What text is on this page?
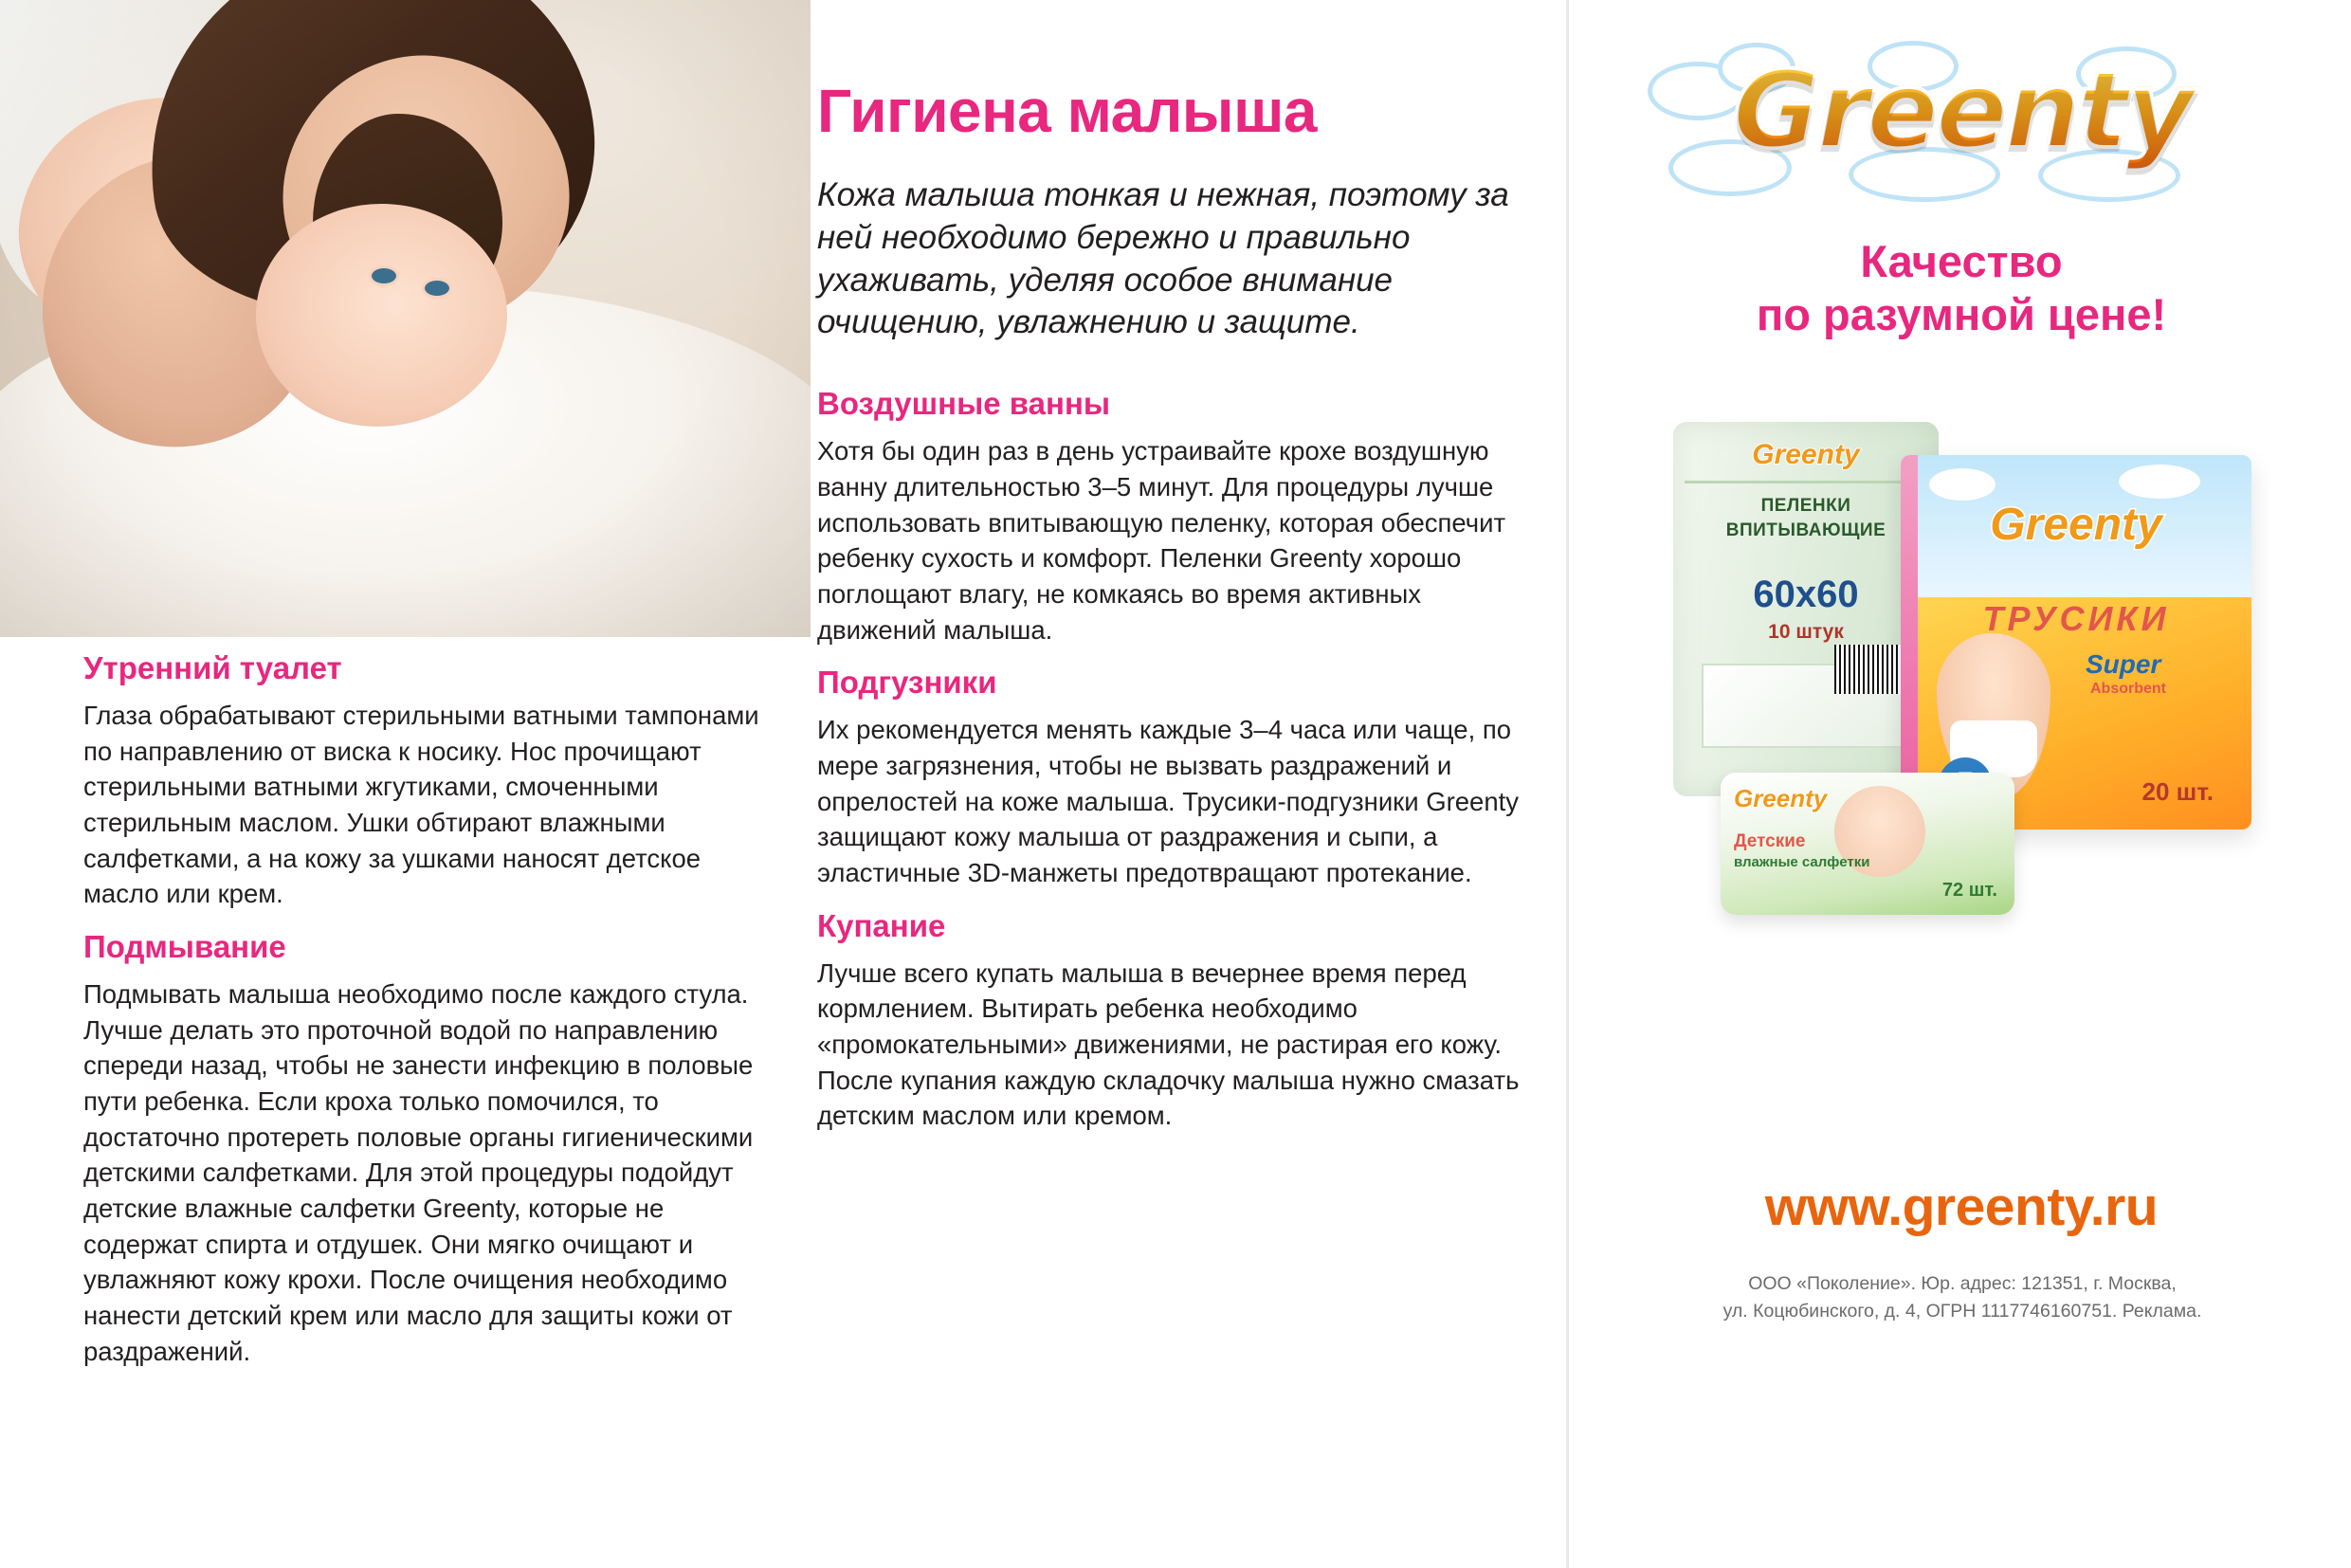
Утренний туалет

Глаза обрабатывают стерильными ватными тампонами по направлению от виска к носику. Нос прочищают стерильными ватными жгутиками, смоченными стерильным маслом. Ушки обтирают влажными салфетками, а на кожу за ушками наносят детское масло или крем.

Подмывание

Подмывать малыша необходимо после каждого стула. Лучше делать это проточной водой по направлению спереди назад, чтобы не занести инфекцию в половые пути ребенка. Если кроха только помочился, то достаточно протереть половые органы гигиеническими детскими салфетками. Для этой процедуры подойдут детские влажные салфетки Greenty, которые не содержат спирта и отдушек. Они мягко очищают и увлажняют кожу крохи. После очищения необходимо нанести детский крем или масло для защиты кожи от раздражений.

Гигиена малыша

Кожа малыша тонкая и нежная, поэтому за ней необходимо бережно и правильно ухаживать, уделяя особое внимание очищению, увлажнению и защите.

Воздушные ванны

Хотя бы один раз в день устраивайте крохе воздушную ванну длительностью 3–5 минут. Для процедуры лучше использовать впитывающую пеленку, которая обеспечит ребенку сухость и комфорт. Пеленки Greenty хорошо поглощают влагу, не комкаясь во время активных движений малыша.

Подгузники

Их рекомендуется менять каждые 3–4 часа или чаще, по мере загрязнения, чтобы не вызвать раздражений и опрелостей на коже малыша. Трусики-подгузники Greenty защищают кожу малыша от раздражения и сыпи, а эластичные 3D-манжеты предотвращают протекание.

Купание

Лучше всего купать малыша в вечернее время перед кормлением. Вытирать ребенка необходимо «промокательными» движениями, не растирая его кожу. После купания каждую складочку малыша нужно смазать детским маслом или кремом.

Greenty
Качество
по разумной цене!
Greenty
ПЕЛЕНКИ
ВПИТЫВАЮЩИЕ
60x60
10 штук
Greenty
ТРУСИКИ
Super
Absorbent
20 шт.
Greenty
Детские
влажные салфетки
72 шт.
www.greenty.ru
ООО «Поколение». Юр. адрес: 121351, г. Москва,
ул. Коцюбинского, д. 4, ОГРН 1117746160751. Реклама.
